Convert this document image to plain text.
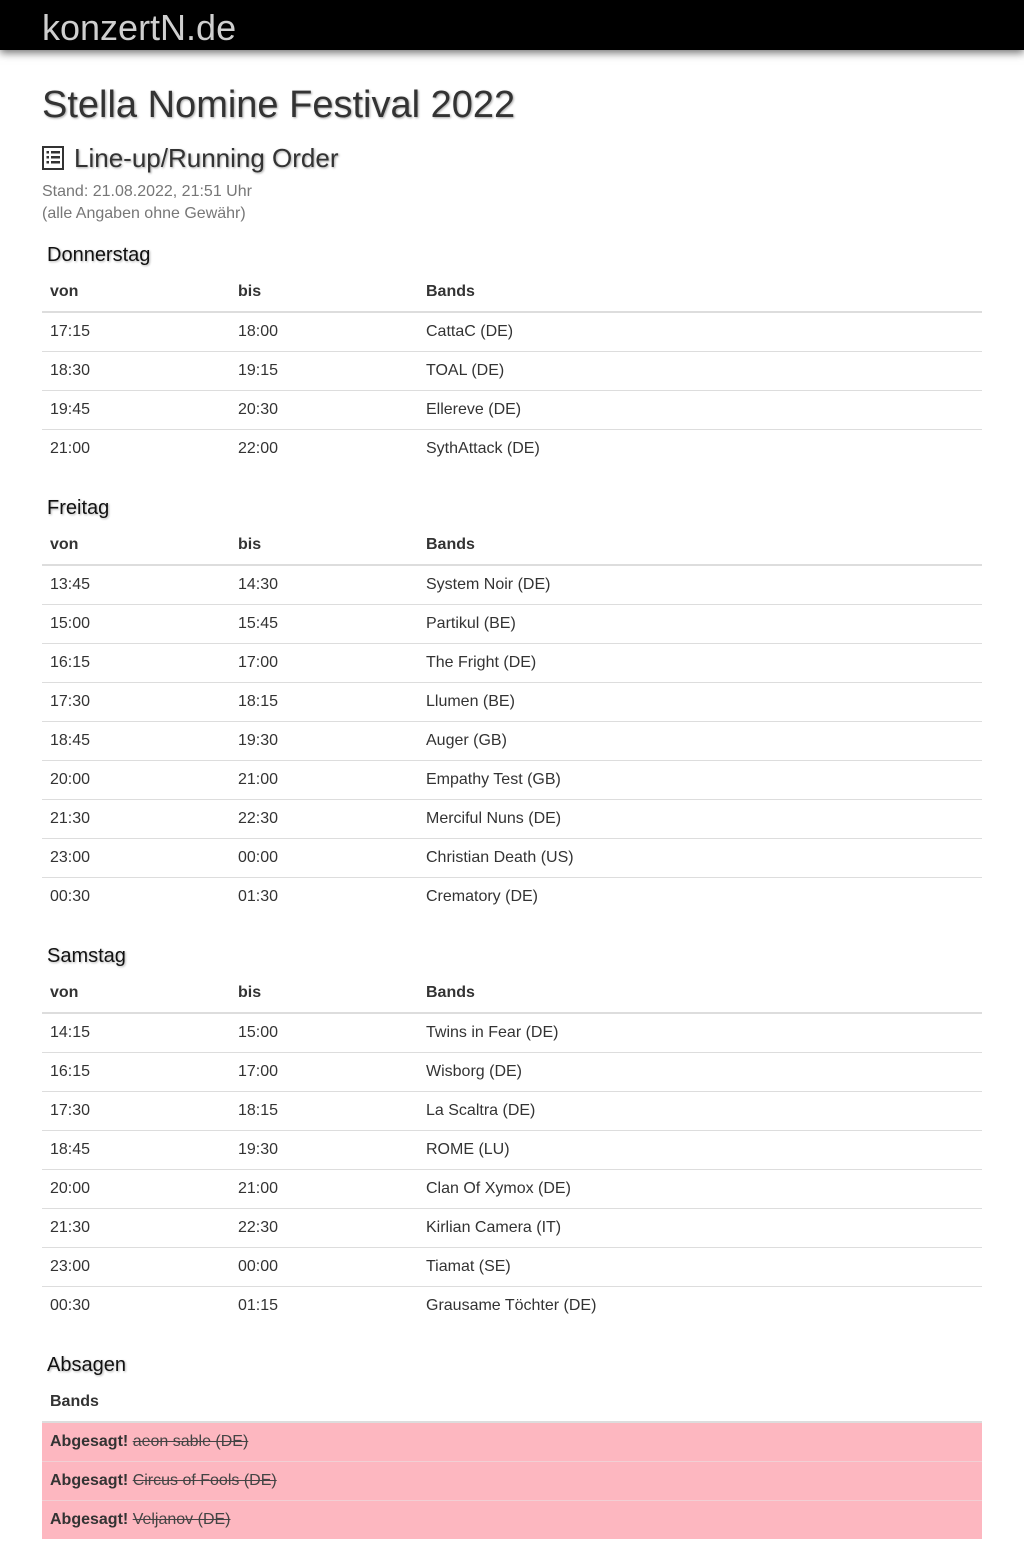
konzertN.de
Stella Nomine Festival 2022
Line-up/Running Order
Stand: 21.08.2022, 21:51 Uhr
(alle Angaben ohne Gewähr)
Donnerstag
von	bis	Bands
17:15	18:00	CattaC (DE)
18:30	19:15	TOAL (DE)
19:45	20:30	Ellereve (DE)
21:00	22:00	SythAttack (DE)
Freitag
von	bis	Bands
13:45	14:30	System Noir (DE)
15:00	15:45	Partikul (BE)
16:15	17:00	The Fright (DE)
17:30	18:15	Llumen (BE)
18:45	19:30	Auger (GB)
20:00	21:00	Empathy Test (GB)
21:30	22:30	Merciful Nuns (DE)
23:00	00:00	Christian Death (US)
00:30	01:30	Crematory (DE)
Samstag
von	bis	Bands
14:15	15:00	Twins in Fear (DE)
16:15	17:00	Wisborg (DE)
17:30	18:15	La Scaltra (DE)
18:45	19:30	ROME (LU)
20:00	21:00	Clan Of Xymox (DE)
21:30	22:30	Kirlian Camera (IT)
23:00	00:00	Tiamat (SE)
00:30	01:15	Grausame Töchter (DE)
Absagen
Bands
Abgesagt! aeon sable (DE)
Abgesagt! Circus of Fools (DE)
Abgesagt! Veljanov (DE)
